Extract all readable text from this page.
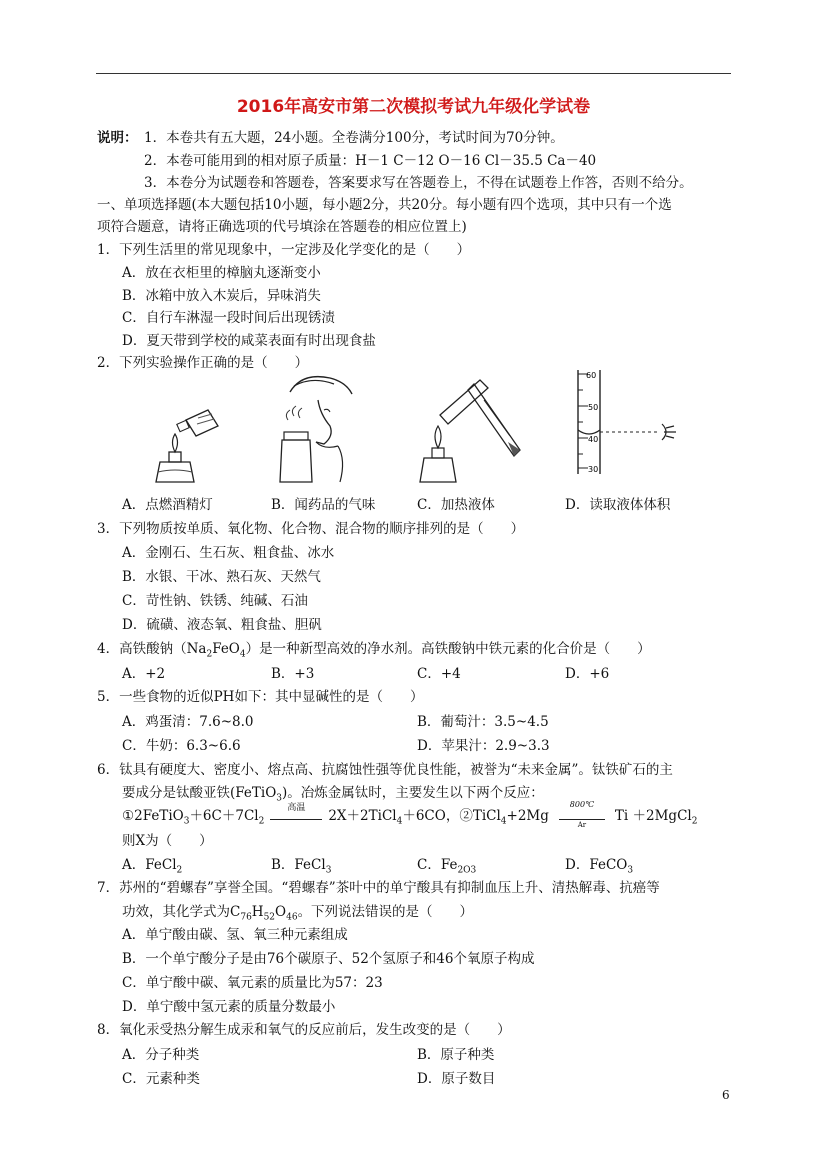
2016年高安市第二次模拟考试九年级化学试卷
说明： 1．本卷共有五大题，24小题。全卷满分100分，考试时间为70分钟。
2．本卷可能用到的相对原子质量：H－1 C－12 O－16 Cl－35.5 Ca－40
3．本卷分为试题卷和答题卷，答案要求写在答题卷上，不得在试题卷上作答，否则不给分。
一、单项选择题(本大题包括10小题，每小题2分，共20分。每小题有四个选项，其中只有一个选
项符合题意，请将正确选项的代号填涂在答题卷的相应位置上)
1．下列生活里的常见现象中，一定涉及化学变化的是（　　）
A．放在衣柜里的樟脑丸逐渐变小
B．冰箱中放入木炭后，异味消失
C．自行车淋湿一段时间后出现锈渍
D．夏天带到学校的咸菜表面有时出现食盐
2．下列实验操作正确的是（　　）
60
50
40
30
A．点燃酒精灯	B．闻药品的气味	C．加热液体	D．读取液体体积
3．下列物质按单质、氧化物、化合物、混合物的顺序排列的是（　　）
A．金刚石、生石灰、粗食盐、冰水
B．水银、干冰、熟石灰、天然气
C．苛性钠、铁锈、纯碱、石油
D．硫磺、液态氧、粗食盐、胆矾
4．高铁酸钠$(Na_2FeO_4)$是一种新型高效的净水剂。高铁酸钠中铁元素的化合价是（　　）
A．+2	B．+3	C．+4	D．+6
5．一些食物的近似PH如下：其中显碱性的是（　　）
A．鸡蛋清：7.6~8.0	B．葡萄汁：3.5~4.5
C．牛奶：6.3~6.6	D．苹果汁：2.9~3.3
6．钛具有硬度大、密度小、熔点高、抗腐蚀性强等优良性能，被誉为“未来金属”。钛铁矿石的主
要成分是钛酸亚铁(FeTiO$_3$)。冶炼金属钛时，主要发生以下两个反应：
$①2FeTiO_3+6C+7Cl_2$
高温	2X＋2TiCl$_4$＋6CO，②TiCl$_4$+2Mg $\frac{800℃}{Ar}$ Ti ＋2MgCl$_2$
则X为（　　）
A．FeCl$_2$	B．FeCl$_3$	C．$Fe_{2O3}$	D．FeCO$_3$
7．苏州的“碧螺春”享誉全国。“碧螺春”茶叶中的单宁酸具有抑制血压上升、清热解毒、抗癌等
功效，其化学式为$C_{76}H_{52}O_{46}$。下列说法错误的是（　　）
A．单宁酸由碳、氢、氧三种元素组成
B．一个单宁酸分子是由76个碳原子、52个氢原子和46个氧原子构成
C．单宁酸中碳、氧元素的质量比为57：23
D．单宁酸中氢元素的质量分数最小
8．氧化汞受热分解生成汞和氧气的反应前后，发生改变的是（　　）
A．分子种类	B．原子种类
C．元素种类	D．原子数目
6
